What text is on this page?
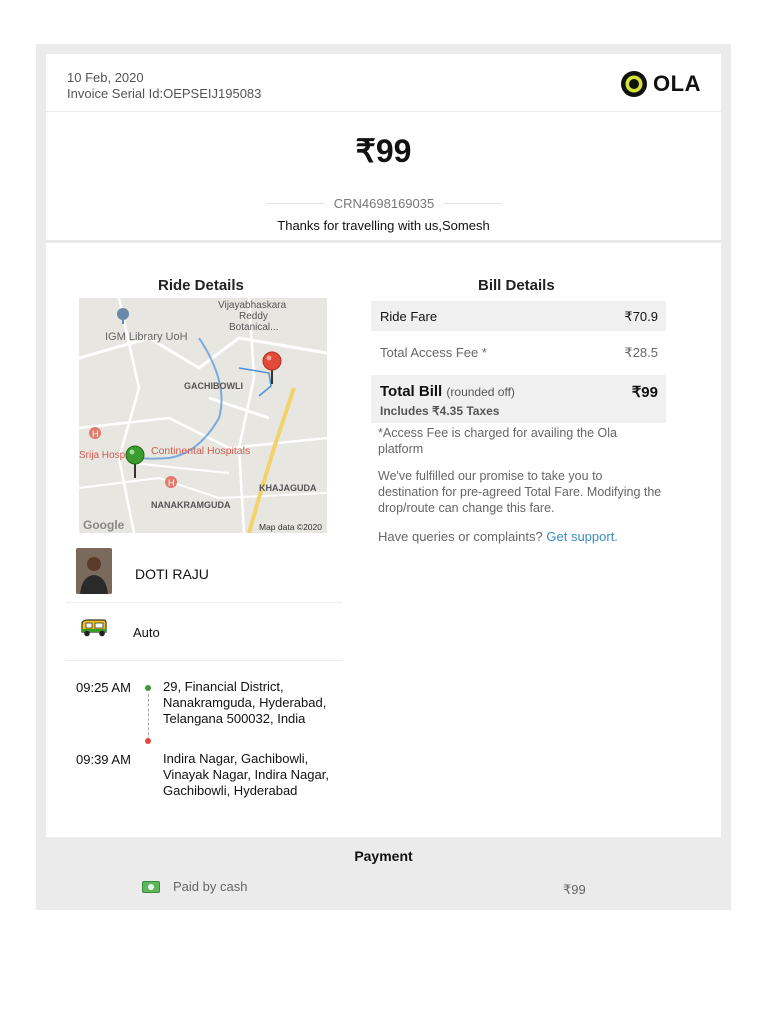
10 Feb, 2020
Invoice Serial Id:OEPSEIJ195083	OLA
₹99
CRN4698169035
Thanks for travelling with us,Somesh
Ride Details
Vijayabhaskara
Reddy
Botanical...
IGM Library UoH
GACHIBOWLI
H
Srija Hosp Continental Hospitals
H	KHAJAGUDA
NANAKRAMGUDA
Google	Map data ©2020
DOTI RAJU
Auto
09:25 AM 29, Financial District, Nanakramguda, Hyderabad, Telangana 500032, India
09:39 AM Indira Nagar, Gachibowli, Vinayak Nagar, Indira Nagar, Gachibowli, Hyderabad
Bill Details
Ride Fare	₹70.9
Total Access Fee *	₹28.5
Total Bill (rounded off)	₹99
Includes ₹4.35 Taxes
*Access Fee is charged for availing the Ola platform
We've fulfilled our promise to take you to destination for pre-agreed Total Fare. Modifying the drop/route can change this fare.
Have queries or complaints? Get support.
Payment
Paid by cash	₹99
